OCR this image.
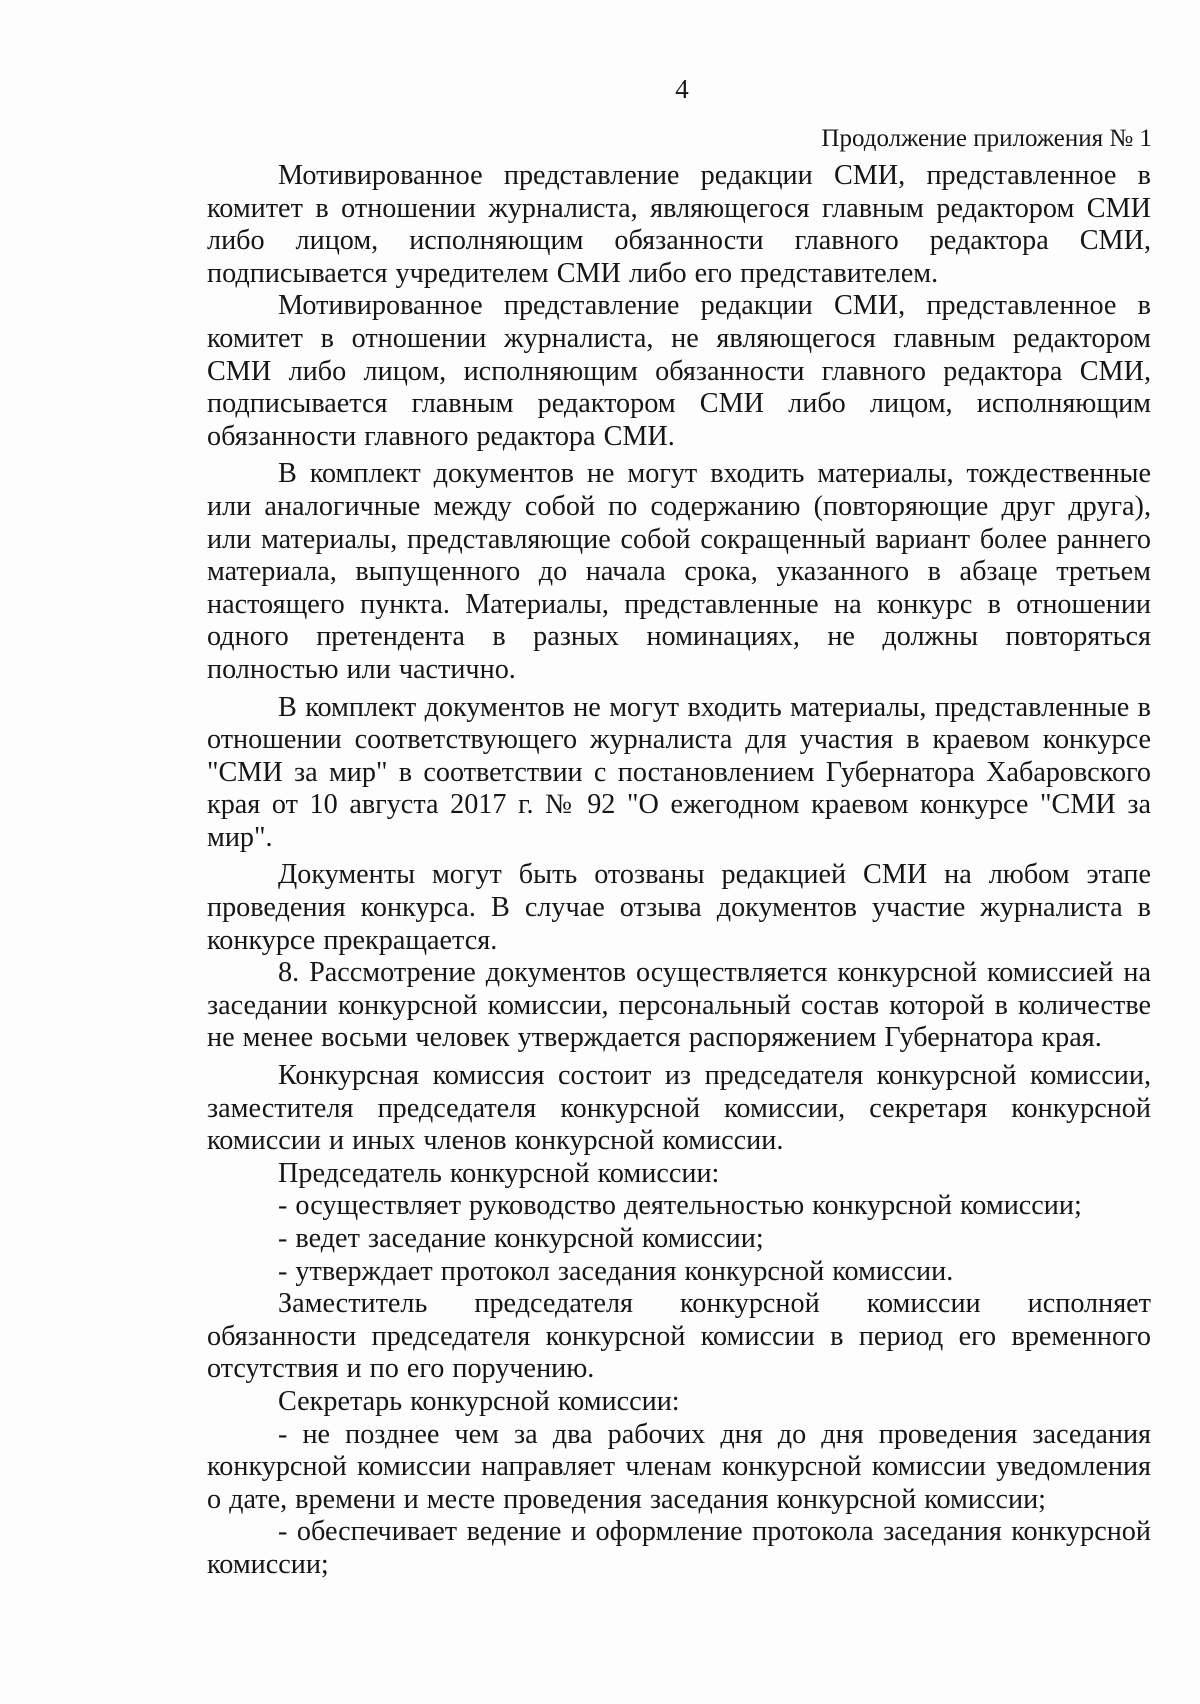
4
Продолжение приложения № 1

Мотивированное представление редакции СМИ, представленное в комитет в отношении журналиста, являющегося главным редактором СМИ либо лицом, исполняющим обязанности главного редактора СМИ, подписывается учредителем СМИ либо его представителем.

Мотивированное представление редакции СМИ, представленное в комитет в отношении журналиста, не являющегося главным редактором СМИ либо лицом, исполняющим обязанности главного редактора СМИ, подписывается главным редактором СМИ либо лицом, исполняющим обязанности главного редактора СМИ.

В комплект документов не могут входить материалы, тождественные или аналогичные между собой по содержанию (повторяющие друг друга), или материалы, представляющие собой сокращенный вариант более раннего материала, выпущенного до начала срока, указанного в абзаце третьем настоящего пункта. Материалы, представленные на конкурс в отношении одного претендента в разных номинациях, не должны повторяться полностью или частично.

В комплект документов не могут входить материалы, представленные в отношении соответствующего журналиста для участия в краевом конкурсе "СМИ за мир" в соответствии с постановлением Губернатора Хабаровского края от 10 августа 2017 г. № 92 "О ежегодном краевом конкурсе "СМИ за мир".

Документы могут быть отозваны редакцией СМИ на любом этапе проведения конкурса. В случае отзыва документов участие журналиста в конкурсе прекращается.

8. Рассмотрение документов осуществляется конкурсной комиссией на заседании конкурсной комиссии, персональный состав которой в количестве не менее восьми человек утверждается распоряжением Губернатора края.

Конкурсная комиссия состоит из председателя конкурсной комиссии, заместителя председателя конкурсной комиссии, секретаря конкурсной комиссии и иных членов конкурсной комиссии.

Председатель конкурсной комиссии:

- осуществляет руководство деятельностью конкурсной комиссии;

- ведет заседание конкурсной комиссии;

- утверждает протокол заседания конкурсной комиссии.

Заместитель председателя конкурсной комиссии исполняет обязанности председателя конкурсной комиссии в период его временного отсутствия и по его поручению.

Секретарь конкурсной комиссии:

- не позднее чем за два рабочих дня до дня проведения заседания конкурсной комиссии направляет членам конкурсной комиссии уведомления о дате, времени и месте проведения заседания конкурсной комиссии;

- обеспечивает ведение и оформление протокола заседания конкурсной комиссии;
